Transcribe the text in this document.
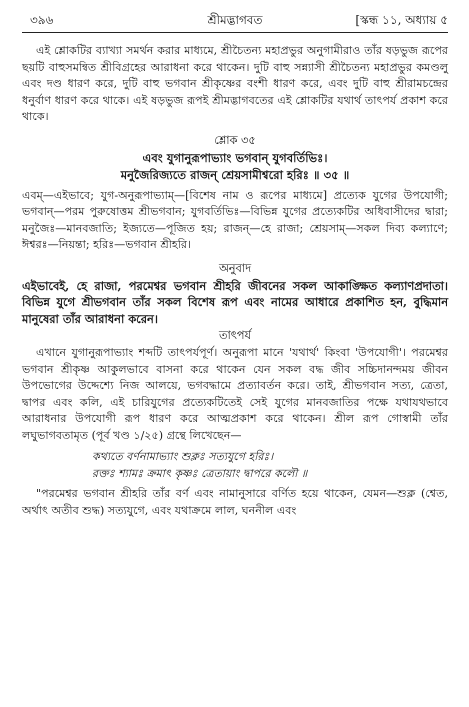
৩৯৬	শ্রীমদ্ভাগবত	[স্কন্ধ ১১, অধ্যায় ৫

এই শ্লোকটির ব্যাখ্যা সমর্থন করার মাধ্যমে, শ্রীচৈতন্য মহাপ্রভুর অনুগামীরাও তাঁর ষড়ভুজ রূপের ছয়টি বাহুসমন্বিত শ্রীবিগ্রহের আরাধনা করে থাকেন। দুটি বাহু সন্ন্যাসী শ্রীচৈতন্য মহাপ্রভুর কমণ্ডলু এবং দণ্ড ধারণ করে, দুটি বাহু ভগবান শ্রীকৃষ্ণের বংশী ধারণ করে, এবং দুটি বাহু শ্রীরামচন্দ্রের ধনুর্বাণ ধারণ করে থাকে। এই ষড়ভুজ রূপই শ্রীমদ্ভাগবতের এই শ্লোকটির যথার্থ তাৎপর্য প্রকাশ করে থাকে।

শ্লোক ৩৫
এবং যুগানুরূপাভ্যাং ভগবান্ যুগবর্তিভিঃ।
মনুজৈরিজ্যতে রাজন্ শ্রেয়সামীশ্বরো হরিঃ ॥ ৩৫ ॥

এবম্—এইভাবে; যুগ-অনুরূপাভ্যাম্—[বিশেষ নাম ও রূপের মাধ্যমে] প্রত্যেক যুগের উপযোগী; ভগবান্—পরম পুরুষোত্তম শ্রীভগবান; যুগবর্তিভিঃ—বিভিন্ন যুগের প্রত্যেকটির অধিবাসীদের দ্বারা; মনুজৈঃ—মানবজাতি; ইজ্যতে—পূজিত হয়; রাজন্—হে রাজা; শ্রেয়সাম্—সকল দিব্য কল্যাণে; ঈশ্বরঃ—নিয়ন্তা; হরিঃ—ভগবান শ্রীহরি।

অনুবাদ

এইভাবেই, হে রাজা, পরমেশ্বর ভগবান শ্রীহরি জীবনের সকল আকাঙ্ক্ষিত কল্যাণপ্রদাতা। বিভিন্ন যুগে শ্রীভগবান তাঁর সকল বিশেষ রূপ এবং নামের আধারে প্রকাশিত হন, বুদ্ধিমান মানুষেরা তাঁর আরাধনা করেন।

তাৎপর্য

এখানে যুগানুরূপাভ্যাং শব্দটি তাৎপর্যপূর্ণ। অনুরূপা মানে 'যথার্থ' কিংবা 'উপযোগী'। পরমেশ্বর ভগবান শ্রীকৃষ্ণ আকুলভাবে বাসনা করে থাকেন যেন সকল বদ্ধ জীব সচ্চিদানন্দময় জীবন উপভোগের উদ্দেশ্যে নিজ আলয়ে, ভগবদ্ধামে প্রত্যাবর্তন করে। তাই, শ্রীভগবান সত্য, ত্রেতা, দ্বাপর এবং কলি, এই চারিযুগের প্রত্যেকটিতেই সেই যুগের মানবজাতির পক্ষে যথাযথভাবে আরাধনার উপযোগী রূপ ধারণ করে আত্মপ্রকাশ করে থাকেন। শ্রীল রূপ গোস্বামী তাঁর লঘুভাগবতামৃত (পূর্ব খণ্ড ১/২৫) গ্রন্থে লিখেছেন—

কথ্যতে বর্ণনামাভ্যাং শুক্লঃ সত্যযুগে হরিঃ।
রক্তঃ শ্যামঃ ক্রমাৎ কৃষ্ণঃ ত্রেতায়াং দ্বাপরে কলৌ ॥

"পরমেশ্বর ভগবান শ্রীহরি তাঁর বর্ণ এবং নামানুসারে বর্ণিত হয়ে থাকেন, যেমন—শুক্ল (শ্বেত, অর্থাৎ অতীব শুদ্ধ) সত্যযুগে, এবং যথাক্রমে লাল, ঘননীল এবং
